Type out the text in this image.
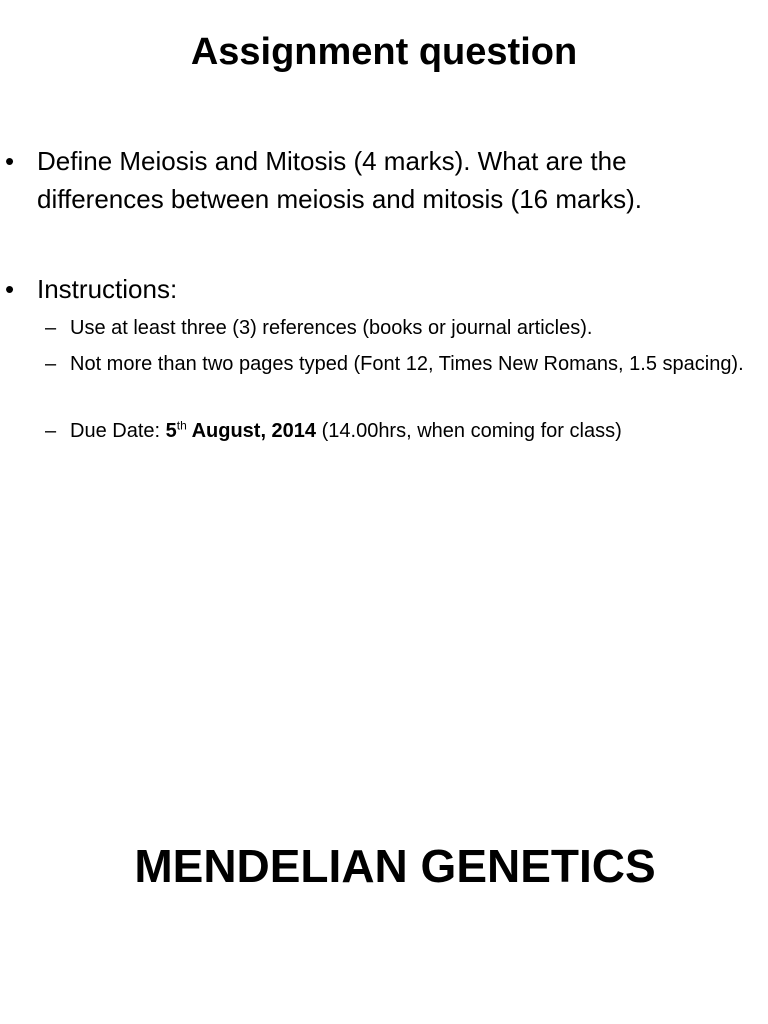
Assignment question
• Define Meiosis and Mitosis (4 marks). What are the differences between meiosis and mitosis (16 marks).
• Instructions:
– Use at least three (3) references (books or journal articles).
– Not more than two pages typed (Font 12, Times New Romans, 1.5 spacing).
– Due Date: 5th August, 2014 (14.00hrs, when coming for class)
MENDELIAN GENETICS
